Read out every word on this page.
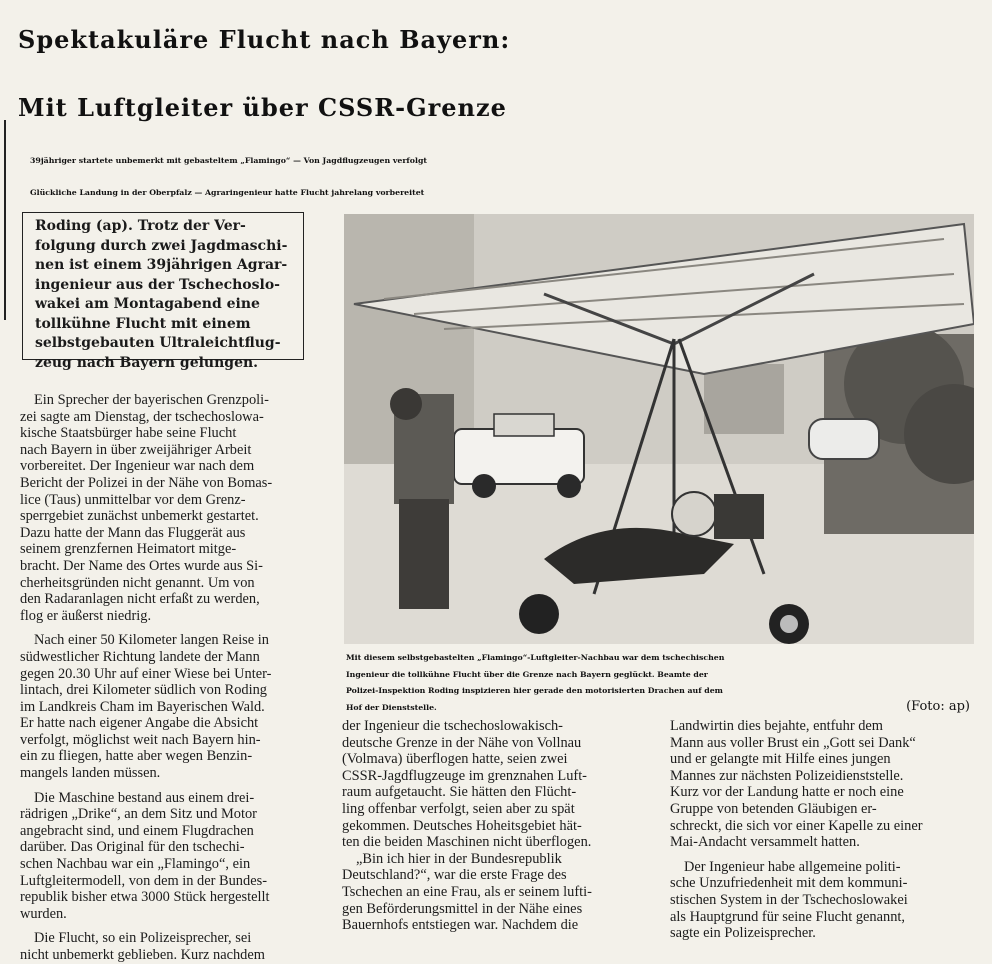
Spektakuläre Flucht nach Bayern:
Mit Luftgleiter über CSSR-Grenze
39jähriger startete unbemerkt mit gebasteltem „Flamingo“ — Von Jagdflugzeugen verfolgt
Glückliche Landung in der Oberpfalz — Agraringenieur hatte Flucht jahrelang vorbereitet
Roding (ap). Trotz der Ver-
folgung durch zwei Jagdmaschi-
nen ist einem 39jährigen Agrar-
ingenieur aus der Tschechoslo-
wakei am Montagabend eine
tollkühne Flucht mit einem
selbstgebauten Ultraleichtflug-
zeug nach Bayern gelungen.
Mit diesem selbstgebastelten „Flamingo“-Luftgleiter-Nachbau war dem tschechischen
Ingenieur die tollkühne Flucht über die Grenze nach Bayern geglückt. Beamte der
Polizei-Inspektion Roding inspizieren hier gerade den motorisierten Drachen auf dem
Hof der Dienststelle.	(Foto: ap)
Ein Sprecher der bayerischen Grenzpoli-
zei sagte am Dienstag, der tschechoslowa-
kische Staatsbürger habe seine Flucht
nach Bayern in über zweijähriger Arbeit
vorbereitet. Der Ingenieur war nach dem
Bericht der Polizei in der Nähe von Bomas-
lice (Taus) unmittelbar vor dem Grenz-
sperrgebiet zunächst unbemerkt gestartet.
Dazu hatte der Mann das Fluggerät aus
seinem grenzfernen Heimatort mitge-
bracht. Der Name des Ortes wurde aus Si-
cherheitsgründen nicht genannt. Um von
den Radaranlagen nicht erfaßt zu werden,
flog er äußerst niedrig.
Nach einer 50 Kilometer langen Reise in
südwestlicher Richtung landete der Mann
gegen 20.30 Uhr auf einer Wiese bei Unter-
lintach, drei Kilometer südlich von Roding
im Landkreis Cham im Bayerischen Wald.
Er hatte nach eigener Angabe die Absicht
verfolgt, möglichst weit nach Bayern hin-
ein zu fliegen, hatte aber wegen Benzin-
mangels landen müssen.
Die Maschine bestand aus einem drei-
rädrigen „Drike“, an dem Sitz und Motor
angebracht sind, und einem Flugdrachen
darüber. Das Original für den tschechi-
schen Nachbau war ein „Flamingo“, ein
Luftgleitermodell, von dem in der Bundes-
republik bisher etwa 3000 Stück hergestellt
wurden.
Die Flucht, so ein Polizeisprecher, sei
nicht unbemerkt geblieben. Kurz nachdem
der Ingenieur die tschechoslowakisch-
deutsche Grenze in der Nähe von Vollnau
(Volmava) überflogen hatte, seien zwei
CSSR-Jagdflugzeuge im grenznahen Luft-
raum aufgetaucht. Sie hätten den Flücht-
ling offenbar verfolgt, seien aber zu spät
gekommen. Deutsches Hoheitsgebiet hät-
ten die beiden Maschinen nicht überflogen.
„Bin ich hier in der Bundesrepublik
Deutschland?“, war die erste Frage des
Tschechen an eine Frau, als er seinem lufti-
gen Beförderungsmittel in der Nähe eines
Bauernhofs entstiegen war. Nachdem die
Landwirtin dies bejahte, entfuhr dem
Mann aus voller Brust ein „Gott sei Dank“
und er gelangte mit Hilfe eines jungen
Mannes zur nächsten Polizeidienststelle.
Kurz vor der Landung hatte er noch eine
Gruppe von betenden Gläubigen er-
schreckt, die sich vor einer Kapelle zu einer
Mai-Andacht versammelt hatten.
Der Ingenieur habe allgemeine politi-
sche Unzufriedenheit mit dem kommuni-
stischen System in der Tschechoslowakei
als Hauptgrund für seine Flucht genannt,
sagte ein Polizeisprecher.
